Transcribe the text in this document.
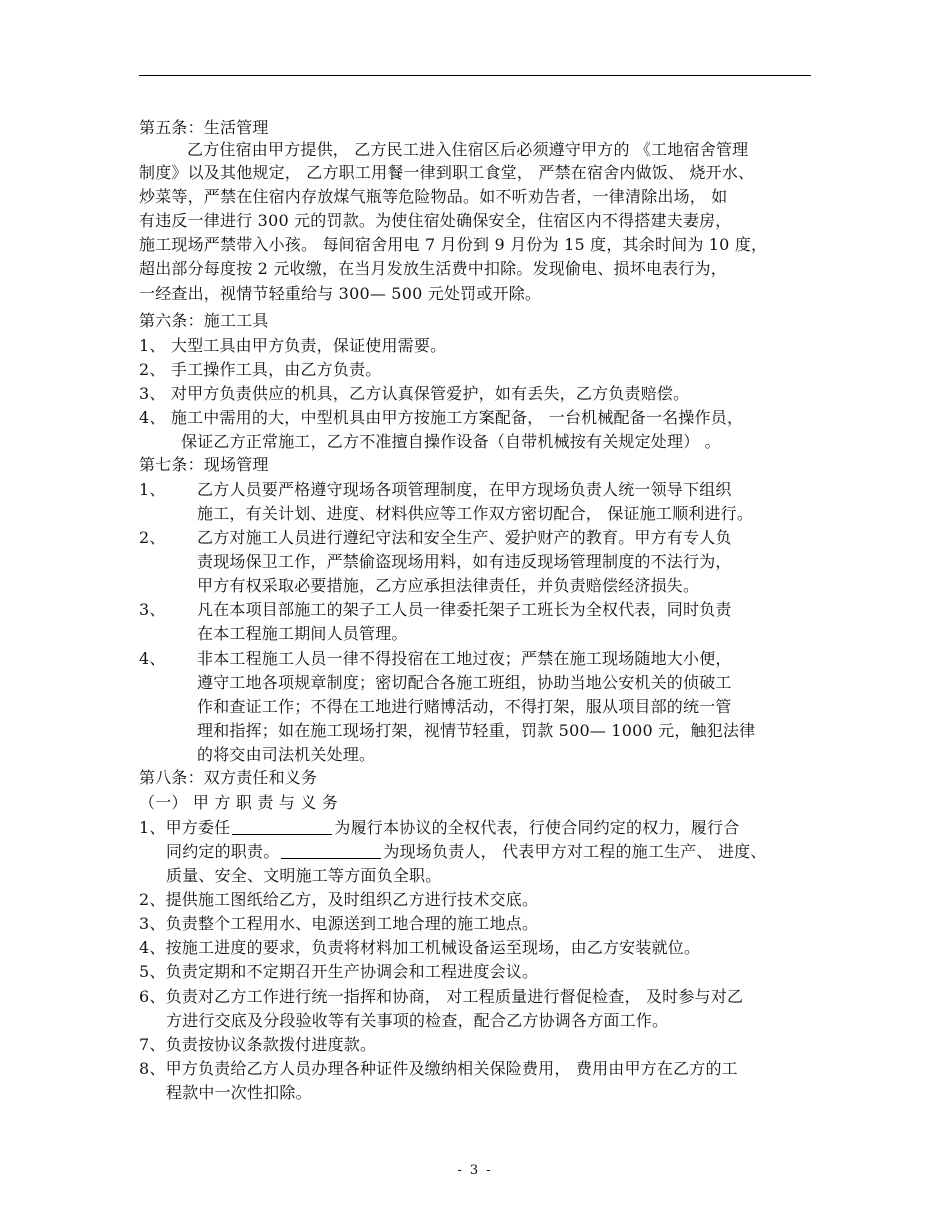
第五条：生活管理
乙方住宿由甲方提供， 乙方民工进入住宿区后必须遵守甲方的 《工地宿舍管理
制度》以及其他规定， 乙方职工用餐一律到职工食堂， 严禁在宿舍内做饭、 烧开水、
炒菜等，严禁在住宿内存放煤气瓶等危险物品。如不听劝告者，一律清除出场， 如
有违反一律进行 300 元的罚款。为使住宿处确保安全，住宿区内不得搭建夫妻房，
施工现场严禁带入小孩。 每间宿舍用电 7 月份到 9 月份为 15 度，其余时间为 10 度，
超出部分每度按 2 元收缴，在当月发放生活费中扣除。发现偷电、损坏电表行为，
一经查出，视情节轻重给与 300— 500 元处罚或开除。
第六条：施工工具
1、 大型工具由甲方负责，保证使用需要。
2、 手工操作工具，由乙方负责。
3、 对甲方负责供应的机具，乙方认真保管爱护，如有丢失，乙方负责赔偿。
4、 施工中需用的大，中型机具由甲方按施工方案配备， 一台机械配备一名操作员，
保证乙方正常施工，乙方不准擅自操作设备（自带机械按有关规定处理） 。
第七条：现场管理
1、 乙方人员要严格遵守现场各项管理制度，在甲方现场负责人统一领导下组织
施工，有关计划、进度、材料供应等工作双方密切配合， 保证施工顺利进行。
2、 乙方对施工人员进行遵纪守法和安全生产、爱护财产的教育。甲方有专人负
责现场保卫工作，严禁偷盗现场用料，如有违反现场管理制度的不法行为，
甲方有权采取必要措施，乙方应承担法律责任，并负责赔偿经济损失。
3、 凡在本项目部施工的架子工人员一律委托架子工班长为全权代表，同时负责
在本工程施工期间人员管理。
4、 非本工程施工人员一律不得投宿在工地过夜；严禁在施工现场随地大小便，
遵守工地各项规章制度；密切配合各施工班组，协助当地公安机关的侦破工
作和查证工作；不得在工地进行赌博活动，不得打架，服从项目部的统一管
理和指挥；如在施工现场打架，视情节轻重，罚款 500— 1000 元，触犯法律
的将交由司法机关处理。
第八条：双方责任和义务
（一） 甲 方 职 责 与 义 务
1、甲方委任	为履行本协议的全权代表，行使合同约定的权力，履行合
同约定的职责。	为现场负责人， 代表甲方对工程的施工生产、 进度、
质量、安全、文明施工等方面负全职。
2、提供施工图纸给乙方，及时组织乙方进行技术交底。
3、负责整个工程用水、电源送到工地合理的施工地点。
4、按施工进度的要求，负责将材料加工机械设备运至现场，由乙方安装就位。
5、负责定期和不定期召开生产协调会和工程进度会议。
6、负责对乙方工作进行统一指挥和协商， 对工程质量进行督促检查， 及时参与对乙
方进行交底及分段验收等有关事项的检查，配合乙方协调各方面工作。
7、负责按协议条款拨付进度款。
8、甲方负责给乙方人员办理各种证件及缴纳相关保险费用， 费用由甲方在乙方的工
程款中一次性扣除。
- 3 -
